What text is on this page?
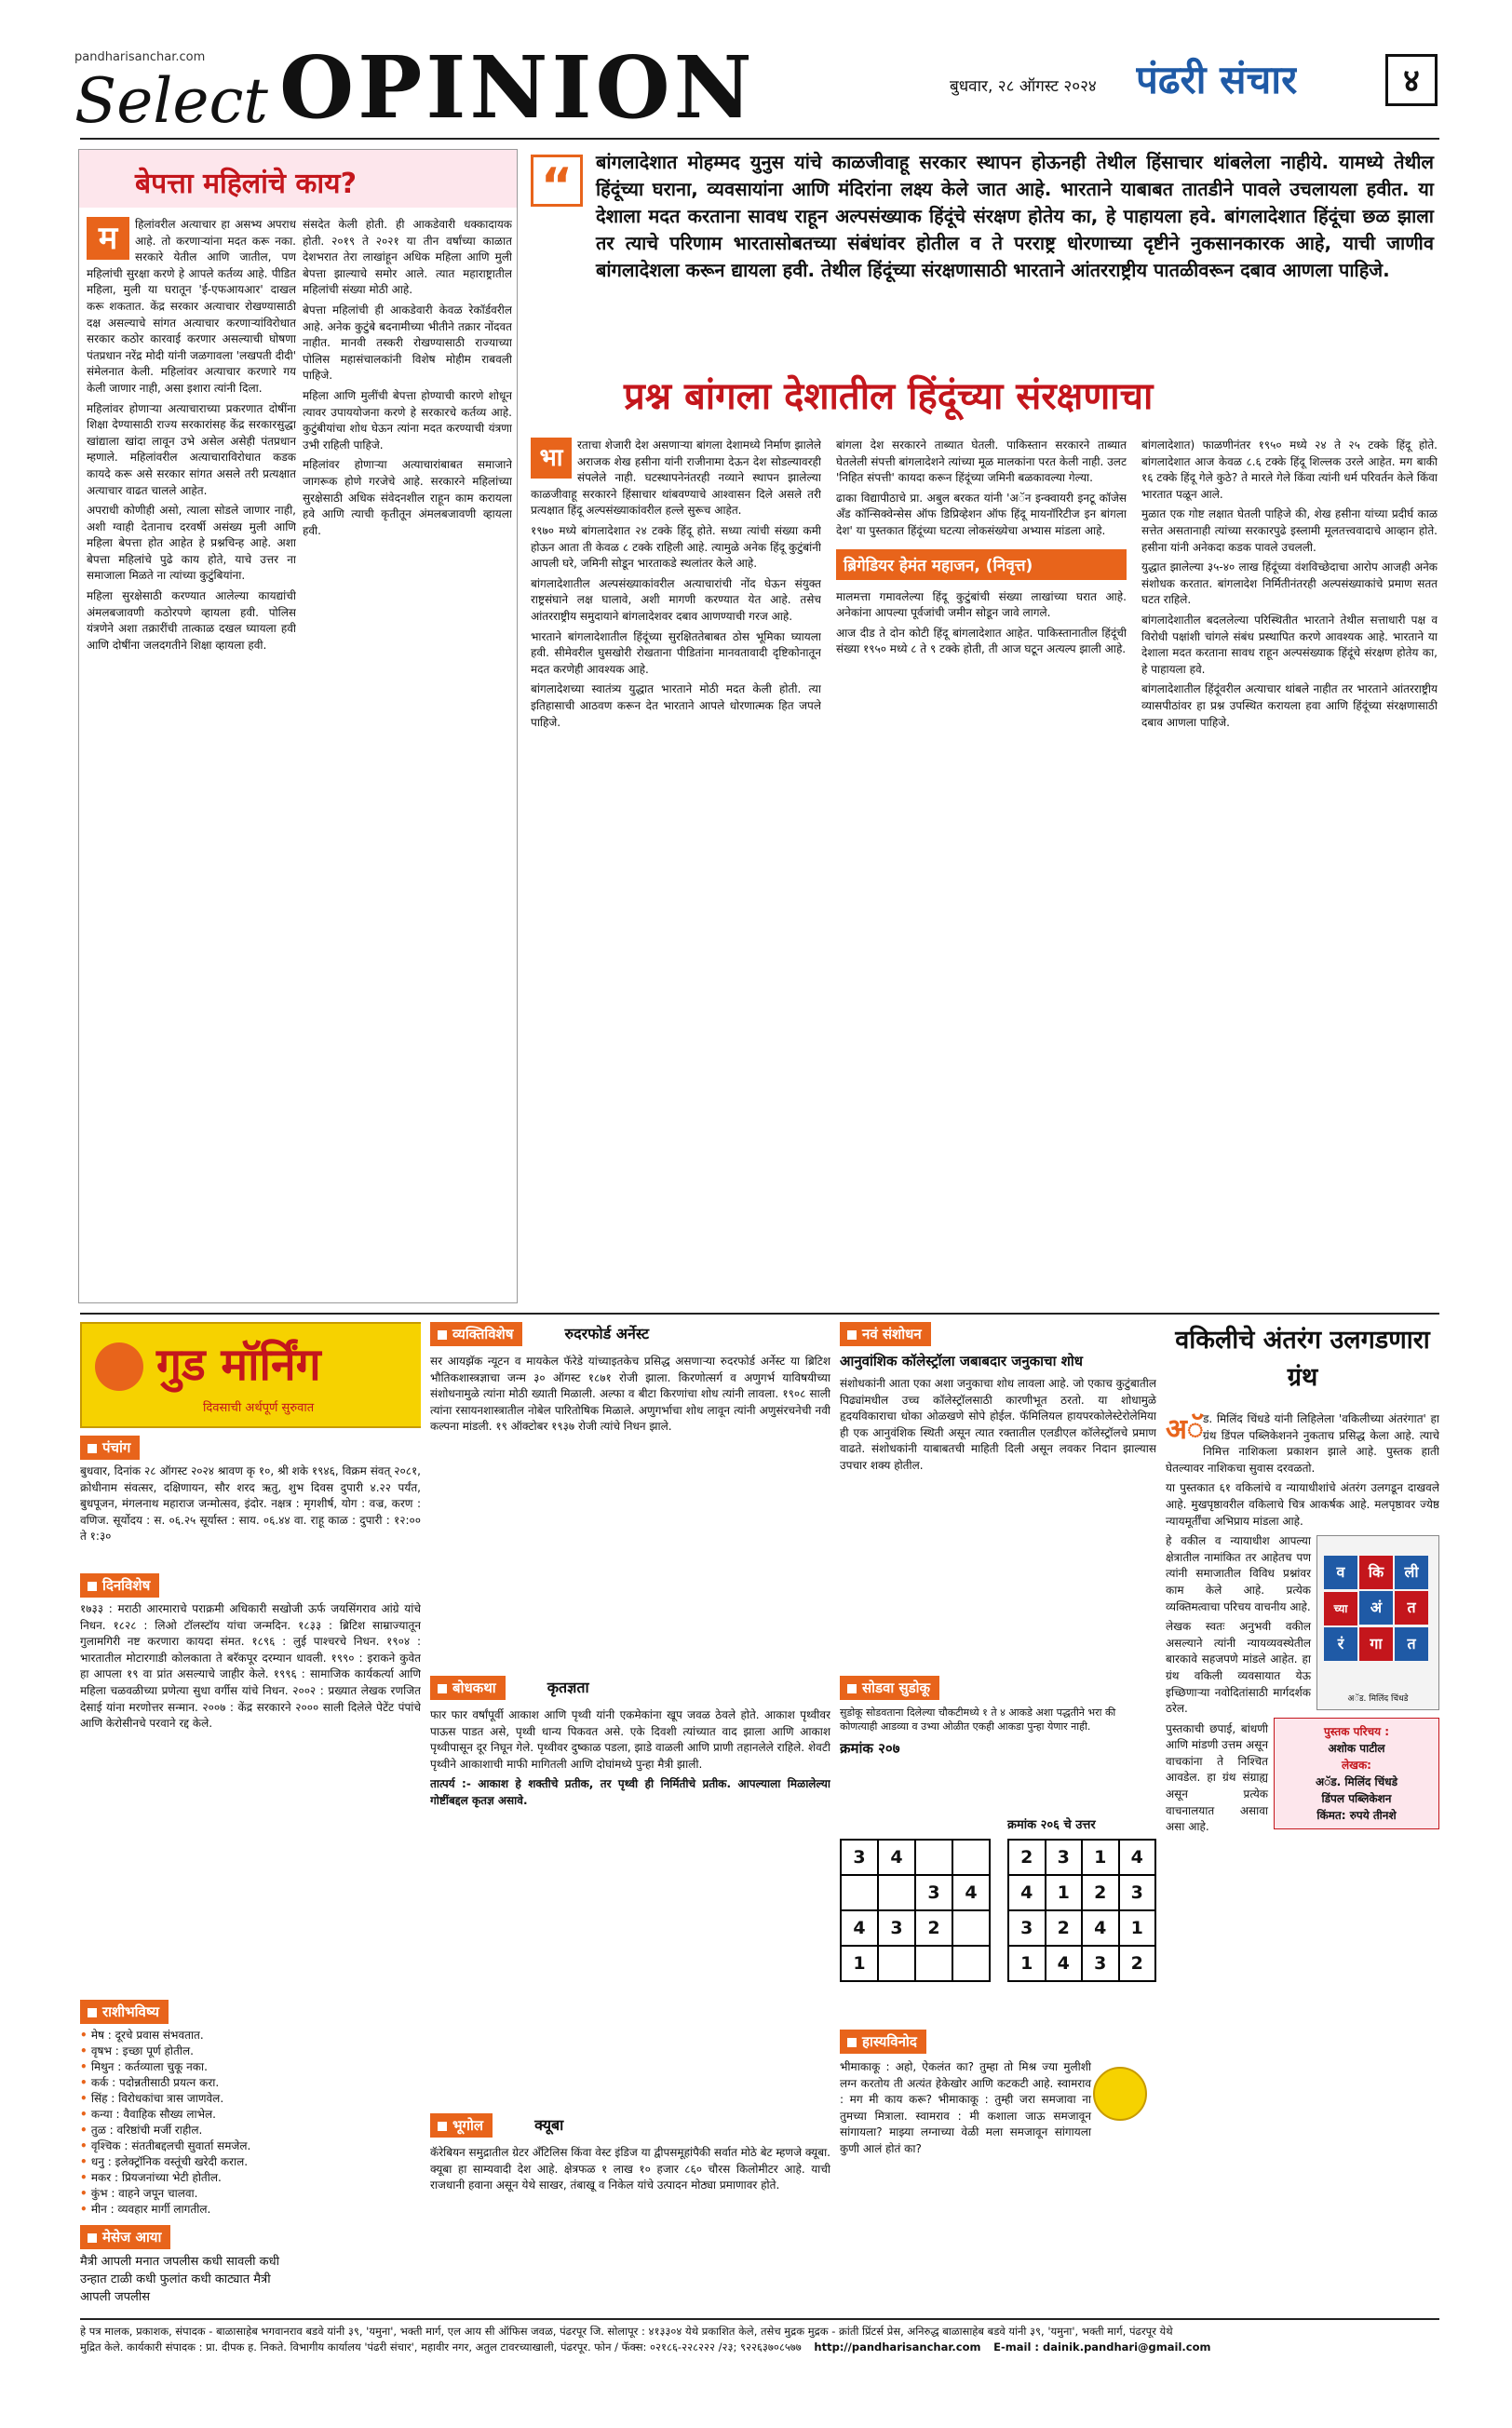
pandharisanchar.com
Select OPINION	बुधवार, २८ ऑगस्ट २०२४ पंढरी संचार	४
बेपत्ता महिलांचे काय?
म	हिलांवरील अत्याचार हा असभ्य अपराध आहे. तो करणाऱ्यांना मदत करू नका. सरकारे येतील आणि जातील, पण महिलांची सुरक्षा करणे हे आपले कर्तव्य आहे. पीडित महिला, मुली या घरातून 'ई-एफआयआर' दाखल करू शकतात. केंद्र सरकार अत्याचार रोखण्यासाठी दक्ष असल्याचे सांगत अत्याचार करणाऱ्यांविरोधात सरकार कठोर कारवाई करणार असल्याची घोषणा पंतप्रधान नरेंद्र मोदी यांनी जळगावला 'लखपती दीदी' संमेलनात केली. महिलांवर अत्याचार करणारे गय केली जाणार नाही, असा इशारा त्यांनी दिला.

महिलांवर होणाऱ्या अत्याचाराच्या प्रकरणात दोषींना शिक्षा देण्यासाठी राज्य सरकारांसह केंद्र सरकारसुद्धा खांद्याला खांदा लावून उभे असेल असेही पंतप्रधान म्हणाले. महिलांवरील अत्याचाराविरोधात कडक कायदे करू असे सरकार सांगत असले तरी प्रत्यक्षात अत्याचार वाढत चालले आहेत.

अपराधी कोणीही असो, त्याला सोडले जाणार नाही, अशी ग्वाही देतानाच दरवर्षी असंख्य मुली आणि महिला बेपत्ता होत आहेत हे प्रश्नचिन्ह आहे. अशा बेपत्ता महिलांचे पुढे काय होते, याचे उत्तर ना समाजाला मिळते ना त्यांच्या कुटुंबियांना.

महिला सुरक्षेसाठी करण्यात आलेल्या कायद्यांची अंमलबजावणी कठोरपणे व्हायला हवी. पोलिस यंत्रणेने अशा तक्रारींची तात्काळ दखल घ्यायला हवी आणि दोषींना जलदगतीने शिक्षा व्हायला हवी.

संसदेत केली होती. ही आकडेवारी धक्कादायक होती. २०१९ ते २०२१ या तीन वर्षांच्या काळात देशभरात तेरा लाखांहून अधिक महिला आणि मुली बेपत्ता झाल्याचे समोर आले. त्यात महाराष्ट्रातील महिलांची संख्या मोठी आहे.

बेपत्ता महिलांची ही आकडेवारी केवळ रेकॉर्डवरील आहे. अनेक कुटुंबे बदनामीच्या भीतीने तक्रार नोंदवत नाहीत. मानवी तस्करी रोखण्यासाठी राज्याच्या पोलिस महासंचालकांनी विशेष मोहीम राबवली पाहिजे.

महिला आणि मुलींची बेपत्ता होण्याची कारणे शोधून त्यावर उपाययोजना करणे हे सरकारचे कर्तव्य आहे. कुटुंबीयांचा शोध घेऊन त्यांना मदत करण्याची यंत्रणा उभी राहिली पाहिजे.

महिलांवर होणाऱ्या अत्याचारांबाबत समाजाने जागरूक होणे गरजेचे आहे. सरकारने महिलांच्या सुरक्षेसाठी अधिक संवेदनशील राहून काम करायला हवे आणि त्याची कृतीतून अंमलबजावणी व्हायला हवी.

“	बांगलादेशात मोहम्मद युनुस यांचे काळजीवाहू सरकार स्थापन होऊनही तेथील हिंसाचार थांबलेला नाहीये. यामध्ये तेथील हिंदूंच्या घराना, व्यवसायांना आणि मंदिरांना लक्ष्य केले जात आहे. भारताने याबाबत तातडीने पावले उचलायला हवीत. या देशाला मदत करताना सावध राहून अल्पसंख्याक हिंदूंचे संरक्षण होतेय का, हे पाहायला हवे. बांगलादेशात हिंदूंचा छळ झाला तर त्याचे परिणाम भारतासोबतच्या संबंधांवर होतील व ते परराष्ट्र धोरणाच्या दृष्टीने नुकसानकारक आहे, याची जाणीव बांगलादेशला करून द्यायला हवी. तेथील हिंदूंच्या संरक्षणासाठी भारताने आंतरराष्ट्रीय पातळीवरून दबाव आणला पाहिजे.
प्रश्न बांगला देशातील हिंदूंच्या संरक्षणाचा
भा	रताचा शेजारी देश असणाऱ्या बांगला देशामध्ये निर्माण झालेले अराजक शेख हसीना यांनी राजीनामा देऊन देश सोडल्यावरही संपलेले नाही. घटस्थापनेनंतरही नव्याने स्थापन झालेल्या काळजीवाहू सरकारने हिंसाचार थांबवण्याचे आश्वासन दिले असले तरी प्रत्यक्षात हिंदू अल्पसंख्याकांवरील हल्ले सुरूच आहेत.

१९७० मध्ये बांगलादेशात २४ टक्के हिंदू होते. सध्या त्यांची संख्या कमी होऊन आता ती केवळ ८ टक्के राहिली आहे. त्यामुळे अनेक हिंदू कुटुंबांनी आपली घरे, जमिनी सोडून भारताकडे स्थलांतर केले आहे.

बांगलादेशातील अल्पसंख्याकांवरील अत्याचारांची नोंद घेऊन संयुक्त राष्ट्रसंघाने लक्ष घालावे, अशी मागणी करण्यात येत आहे. तसेच आंतरराष्ट्रीय समुदायाने बांगलादेशवर दबाव आणण्याची गरज आहे.

भारताने बांगलादेशातील हिंदूंच्या सुरक्षिततेबाबत ठोस भूमिका घ्यायला हवी. सीमेवरील घुसखोरी रोखताना पीडितांना मानवतावादी दृष्टिकोनातून मदत करणेही आवश्यक आहे.

बांगलादेशच्या स्वातंत्र्य युद्धात भारताने मोठी मदत केली होती. त्या इतिहासाची आठवण करून देत भारताने आपले धोरणात्मक हित जपले पाहिजे.

बांगला देश सरकारने ताब्यात घेतली. पाकिस्तान सरकारने ताब्यात घेतलेली संपत्ती बांगलादेशने त्यांच्या मूळ मालकांना परत केली नाही. उलट 'निहित संपत्ती' कायदा करून हिंदूंच्या जमिनी बळकावल्या गेल्या.

ढाका विद्यापीठाचे प्रा. अबुल बरकत यांनी 'अॅन इन्क्वायरी इनटू कॉजेस अँड कॉन्सिक्वेन्सेस ऑफ डिप्रिव्हेशन ऑफ हिंदू मायनॉरिटीज इन बांगला देश' या पुस्तकात हिंदूंच्या घटत्या लोकसंख्येचा अभ्यास मांडला आहे.

ब्रिगेडियर हेमंत महाजन, (निवृत्त)

मालमत्ता गमावलेल्या हिंदू कुटुंबांची संख्या लाखांच्या घरात आहे. अनेकांना आपल्या पूर्वजांची जमीन सोडून जावे लागले.

आज दीड ते दोन कोटी हिंदू बांगलादेशात आहेत. पाकिस्तानातील हिंदूंची संख्या १९५० मध्ये ८ ते ९ टक्के होती, ती आज घटून अत्यल्प झाली आहे.

बांगलादेशात) फाळणीनंतर १९५० मध्ये २४ ते २५ टक्के हिंदू होते. बांगलादेशात आज केवळ ८.६ टक्के हिंदू शिल्लक उरले आहेत. मग बाकी १६ टक्के हिंदू गेले कुठे? ते मारले गेले किंवा त्यांनी धर्म परिवर्तन केले किंवा भारतात पळून आले.

मुळात एक गोष्ट लक्षात घेतली पाहिजे की, शेख हसीना यांच्या प्रदीर्घ काळ सत्तेत असतानाही त्यांच्या सरकारपुढे इस्लामी मूलतत्त्ववादाचे आव्हान होते. हसीना यांनी अनेकदा कडक पावले उचलली.

युद्धात झालेल्या ३५-४० लाख हिंदूंच्या वंशविच्छेदाचा आरोप आजही अनेक संशोधक करतात. बांगलादेश निर्मितीनंतरही अल्पसंख्याकांचे प्रमाण सतत घटत राहिले.

बांगलादेशातील बदललेल्या परिस्थितीत भारताने तेथील सत्ताधारी पक्ष व विरोधी पक्षांशी चांगले संबंध प्रस्थापित करणे आवश्यक आहे. भारताने या देशाला मदत करताना सावध राहून अल्पसंख्याक हिंदूंचे संरक्षण होतेय का, हे पाहायला हवे.

बांगलादेशातील हिंदूंवरील अत्याचार थांबले नाहीत तर भारताने आंतरराष्ट्रीय व्यासपीठांवर हा प्रश्न उपस्थित करायला हवा आणि हिंदूंच्या संरक्षणासाठी दबाव आणला पाहिजे.

गुड मॉर्निंग
दिवसाची अर्थपूर्ण सुरुवात
पंचांग
बुधवार, दिनांक २८ ऑगस्ट २०२४ श्रावण कृ १०, श्री शके १९४६, विक्रम संवत् २०८१, क्रोधीनाम संवत्सर, दक्षिणायन, सौर शरद ऋतु, शुभ दिवस दुपारी ४.२२ पर्यंत, बुधपूजन, मंगलनाथ महाराज जन्मोत्सव, इंदोर. नक्षत्र : मृगशीर्ष, योग : वज्र, करण : वणिज. सूर्योदय : स. ०६.२५ सूर्यास्त : साय. ०६.४४ वा. राहू काळ : दुपारी : १२:०० ते १:३०
दिनविशेष
१७३३ : मराठी आरमाराचे पराक्रमी अधिकारी सखोजी ऊर्फ जयसिंगराव आंग्रे यांचे निधन. १८२८ : लिओ टॉलस्टॉय यांचा जन्मदिन. १८३३ : ब्रिटिश साम्राज्यातून गुलामगिरी नष्ट करणारा कायदा संमत. १८९६ : लुई पाश्चरचे निधन. १९०४ : भारतातील मोटारगाडी कोलकाता ते बरॅकपूर दरम्यान धावली. १९९० : इराकने कुवेत हा आपला १९ वा प्रांत असल्याचे जाहीर केले. १९९६ : सामाजिक कार्यकर्त्या आणि महिला चळवळीच्या प्रणेत्या सुधा वर्गीस यांचे निधन. २००२ : प्रख्यात लेखक रणजित देसाई यांना मरणोत्तर सन्मान. २००७ : केंद्र सरकारने २००० साली दिलेले पेटेंट पंपांचे आणि केरोसीनचे परवाने रद्द केले.
राशीभविष्य
• मेष : दूरचे प्रवास संभवतात.
• वृषभ : इच्छा पूर्ण होतील.
• मिथुन : कर्तव्याला चुकू नका.
• कर्क : पदोन्नतीसाठी प्रयत्न करा.
• सिंह : विरोधकांचा त्रास जाणवेल.
• कन्या : वैवाहिक सौख्य लाभेल.
• तुळ : वरिष्ठांची मर्जी राहील.
• वृश्चिक : संततीबद्दलची सुवार्ता समजेल.
• धनु : इलेक्ट्रॉनिक वस्तूंची खरेदी कराल.
• मकर : प्रियजनांच्या भेटी होतील.
• कुंभ : वाहने जपून चालवा.
• मीन : व्यवहार मार्गी लागतील.
मेसेज आया
मैत्री आपली मनात जपलीस कधी सावली कधी उन्हात टाळी कधी फुलांत कधी काट्यात मैत्री आपली जपलीस
व्यक्तिविशेष	रुदरफोर्ड अर्नेस्ट
सर आयझॅक न्यूटन व मायकेल फॅरेडे यांच्याइतकेच प्रसिद्ध असणाऱ्या रुदरफोर्ड अर्नेस्ट या ब्रिटिश भौतिकशास्त्रज्ञाचा जन्म ३० ऑगस्ट १८७१ रोजी झाला. किरणोत्सर्ग व अणुगर्भ याविषयीच्या संशोधनामुळे त्यांना मोठी ख्याती मिळाली. अल्फा व बीटा किरणांचा शोध त्यांनी लावला. १९०८ साली त्यांना रसायनशास्त्रातील नोबेल पारितोषिक मिळाले. अणुगर्भाचा शोध लावून त्यांनी अणुसंरचनेची नवी कल्पना मांडली. १९ ऑक्टोबर १९३७ रोजी त्यांचे निधन झाले.
बोधकथा	कृतज्ञता
फार फार वर्षांपूर्वी आकाश आणि पृथ्वी यांनी एकमेकांना खूप जवळ ठेवले होते. आकाश पृथ्वीवर पाऊस पाडत असे, पृथ्वी धान्य पिकवत असे. एके दिवशी त्यांच्यात वाद झाला आणि आकाश पृथ्वीपासून दूर निघून गेले. पृथ्वीवर दुष्काळ पडला, झाडे वाळली आणि प्राणी तहानलेले राहिले. शेवटी पृथ्वीने आकाशाची माफी मागितली आणि दोघांमध्ये पुन्हा मैत्री झाली.
तात्पर्य :- आकाश हे शक्तीचे प्रतीक, तर पृथ्वी ही निर्मितीचे प्रतीक. आपल्याला मिळालेल्या गोष्टींबद्दल कृतज्ञ असावे.
भूगोल	क्यूबा
कॅरेबियन समुद्रातील ग्रेटर अँटिलिस किंवा वेस्ट इंडिज या द्वीपसमूहांपैकी सर्वात मोठे बेट म्हणजे क्यूबा. क्यूबा हा साम्यवादी देश आहे. क्षेत्रफळ १ लाख १० हजार ८६० चौरस किलोमीटर आहे. याची राजधानी हवाना असून येथे साखर, तंबाखू व निकेल यांचे उत्पादन मोठ्या प्रमाणावर होते.
नवं संशोधन
आनुवांशिक कॉलेस्ट्रॉला जबाबदार जनुकाचा शोध
संशोधकांनी आता एका अशा जनुकाचा शोध लावला आहे. जो एकाच कुटुंबातील पिढ्यांमधील उच्च कॉलेस्ट्रॉलसाठी कारणीभूत ठरतो. या शोधामुळे हृदयविकाराचा धोका ओळखणे सोपे होईल. फॅमिलियल हायपरकोलेस्टेरोलेमिया ही एक आनुवंशिक स्थिती असून त्यात रक्तातील एलडीएल कॉलेस्ट्रॉलचे प्रमाण वाढते. संशोधकांनी याबाबतची माहिती दिली असून लवकर निदान झाल्यास उपचार शक्य होतील.
सोडवा सुडोकू
सुडोकू सोडवताना दिलेल्या चौकटीमध्ये १ ते ४ आकडे अशा पद्धतीने भरा की कोणत्याही आडव्या व उभ्या ओळीत एकही आकडा पुन्हा येणार नाही.
क्रमांक २०७
3	4		
		3	4
4	3	2	
1			
क्रमांक २०६ चे उत्तर
2	3	1	4
4	1	2	3
3	2	4	1
1	4	3	2
हास्यविनोद
भीमाकाकू : अहो, ऐकलंत का? तुम्हा तो मिश्र ज्या मुलीशी लग्न करतोय ती अत्यंत हेकेखोर आणि कटकटी आहे. स्वामराव : मग मी काय करू? भीमाकाकू : तुम्ही जरा समजावा ना तुमच्या मित्राला. स्वामराव : मी कशाला जाऊ समजावून सांगायला? माझ्या लग्नाच्या वेळी मला समजावून सांगायला कुणी आलं होतं का?
वकिलीचे अंतरंग उलगडणारा ग्रंथ
अॅ ड. मिलिंद चिंधडे यांनी लिहिलेला 'वकिलीच्या अंतरंगात' हा ग्रंथ डिंपल पब्लिकेशनने नुकताच प्रसिद्ध केला आहे. त्याचे निमित्त नाशिकला प्रकाशन झाले आहे. पुस्तक हाती घेतल्यावर नाशिकचा सुवास दरवळतो.

या पुस्तकात ६१ वकिलांचे व न्यायाधीशांचे अंतरंग उलगडून दाखवले आहे. मुखपृष्ठावरील वकिलाचे चित्र आकर्षक आहे. मलपृष्ठावर ज्येष्ठ न्यायमूर्तींचा अभिप्राय मांडला आहे.

व कि लीच्या अं तरं गा त
अॅड. मिलिंद चिंधडे

हे वकील व न्यायाधीश आपल्या क्षेत्रातील नामांकित तर आहेतच पण त्यांनी समाजातील विविध प्रश्नांवर काम केले आहे. प्रत्येक व्यक्तिमत्वाचा परिचय वाचनीय आहे.

पुस्तक परिचय :
अशोक पाटील
लेखक:
अॅड. मिलिंद चिंधडे
डिंपल पब्लिकेशन
किंमत: रुपये तीनशे

लेखक स्वतः अनुभवी वकील असल्याने त्यांनी न्यायव्यवस्थेतील बारकावे सहजपणे मांडले आहेत. हा ग्रंथ वकिली व्यवसायात येऊ इच्छिणाऱ्या नवोदितांसाठी मार्गदर्शक ठरेल.

पुस्तकाची छपाई, बांधणी आणि मांडणी उत्तम असून वाचकांना ते निश्चित आवडेल. हा ग्रंथ संग्राह्य असून प्रत्येक वाचनालयात असावा असा आहे.

हे पत्र मालक, प्रकाशक, संपादक - बाळासाहेब भगवानराव बडवे यांनी ३९, 'यमुना', भक्ती मार्ग, एल आय सी ऑफिस जवळ, पंढरपूर जि. सोलापूर : ४१३३०४ येथे प्रकाशित केले, तसेच मुद्रक मुद्रक - क्रांती प्रिंटर्स प्रेस, अनिरुद्ध बाळासाहेब बडवे यांनी ३९, 'यमुना', भक्ती मार्ग, पंढरपूर येथे
मुद्रित केले. कार्यकारी संपादक : प्रा. दीपक ह. निकते. विभागीय कार्यालय 'पंढरी संचार', महावीर नगर, अतुल टावरच्याखाली, पंढरपूर. फोन / फॅक्स: ०२१८६-२२८२२२ /२३; ९२२६३७०८५७७ http://pandharisanchar.com E-mail : dainik.pandhari@gmail.com
